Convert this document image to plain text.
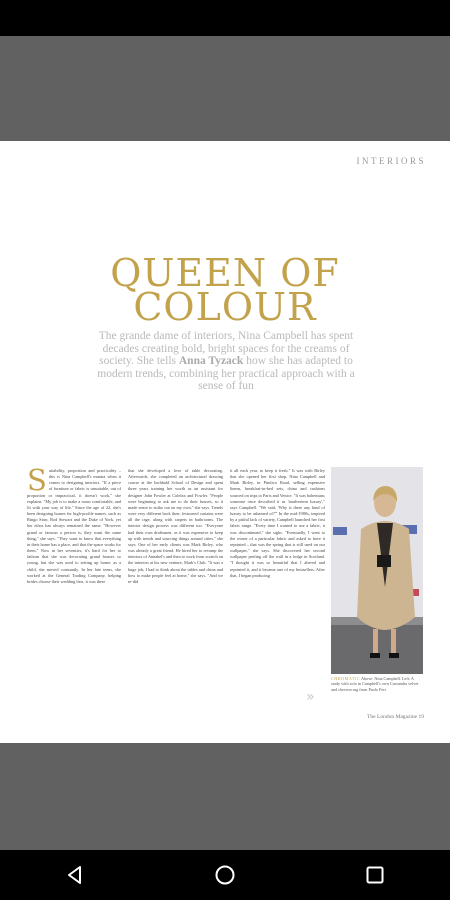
INTERIORS
QUEEN OF
COLOUR
The grande dame of interiors, Nina Campbell has spent decades creating bold, bright spaces for the creams of society. She tells Anna Tyzack how she has adapted to modern trends, combining her practical approach with a sense of fun
S uitability, proportion and practicality – this is Nina Campbell's mantra when it comes to designing interiors. "If a piece of furniture or fabric is unsuitable, out of proportion or impractical, it doesn't work," she explains. "My job is to make a room comfortable, and fit with your way of life." Since the age of 22, she's been designing homes for high-profile names, such as Ringo Starr, Rod Stewart and the Duke of York, yet her ethos has always remained the same. "However grand or famous a person is, they want the same thing," she says. "They want to know that everything in their home has a place, and that the space works for them." Now in her seventies, it's hard for her to fathom that she was decorating grand houses so young, but she was used to setting up home; as a child, she moved constantly. In her late teens, she worked at the General Trading Company, helping brides choose their wedding lists, it was there
that she developed a love of table decorating. Afterwards, she completed an architectural drawing course at the Inchbald School of Design and spent three years training her worth as an assistant for designer John Fowler at Colefax and Fowler. "People were beginning to ask me to do their houses, so it made sense to strike out on my own," she says. Trends were very different back then; festooned curtains were all the rage, along with carpets in bathrooms. The interior design process was different too. "Everyone had their own draftsmen, as it was expensive to keep up with trends and sourcing things around cities," she says. One of her early clients was Mark Birley, who was already a great friend. He hired her to revamp the interiors of Annabel's and then to work from scratch on the interiors at his new venture, Mark's Club. "It was a huge job; I had to think about the tables and china and how to make people feel at home," she says. "And we re-did
it all each year, to keep it fresh." It was with Birley that she opened her first shop, Nina Campbell and Mark Birley, in Pimlico Road, selling expensive linens, breakfast-in-bed sets, china and cushions sourced on trips to Paris and Venice. "It was bohemian; someone once described it as 'inadvertent luxury'," says Campbell. "We said, 'Why is there any kind of luxury to be ashamed of?'" In the mid-1980s, inspired by a pitiful lack of variety, Campbell launched her first fabric range. "Every time I wanted to use a fabric, it was discontinued," she sighs. "Eventually, I went to the owner of a particular fabric and asked to have it reprinted – that was the spring that is still used on our wallpaper," she says. She discovered her second wallpaper peeling off the wall in a lodge in Scotland. "I thought it was so beautiful that I altered and reprinted it, and it became one of my bestsellers. After that, I began producing
CHROMATIC Above: Nina Campbell. Left: A study with sofa in Campbell's own Cassandra velvet and chevron rug from Paolo Ferr
»
The London Magazine 19
